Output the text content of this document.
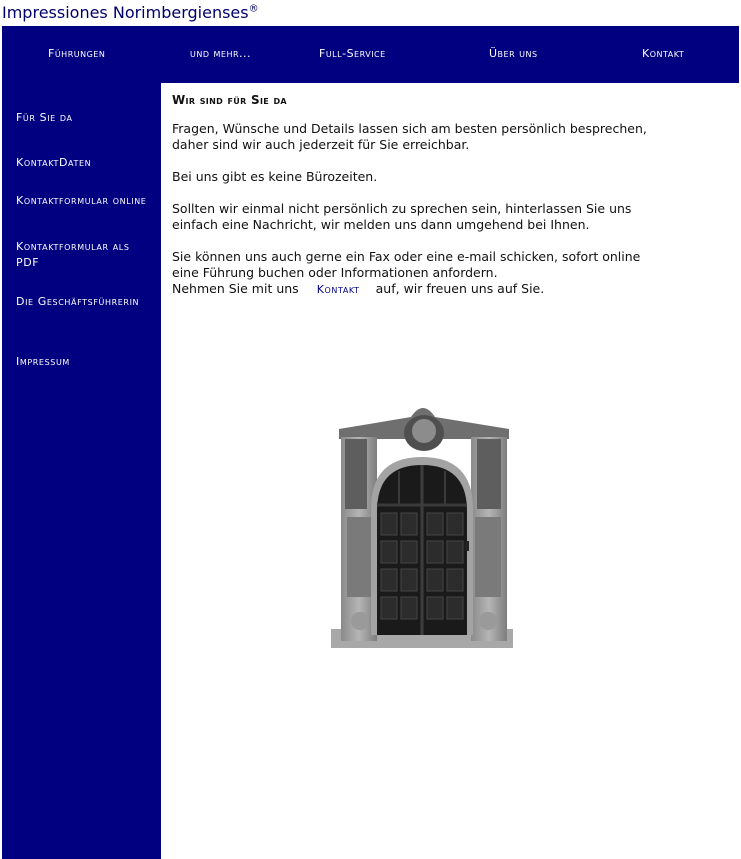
Impressiones Norimbergienses®
Führungen	und mehr...	Full-Service	Über uns	Kontakt
Für Sie da
KontaktDaten
Kontaktformular online
Kontaktformular als PDF
Die Geschäftsführerin
Impressum
Wir sind für Sie da

Fragen, Wünsche und Details lassen sich am besten persönlich besprechen, daher sind wir auch jederzeit für Sie erreichbar.

Bei uns gibt es keine Bürozeiten.

Sollten wir einmal nicht persönlich zu sprechen sein, hinterlassen Sie uns einfach eine Nachricht, wir melden uns dann umgehend bei Ihnen.

Sie können uns auch gerne ein Fax oder eine e-mail schicken, sofort online eine Führung buchen oder Informationen anfordern.
Nehmen Sie mit uns Kontakt auf, wir freuen uns auf Sie.
